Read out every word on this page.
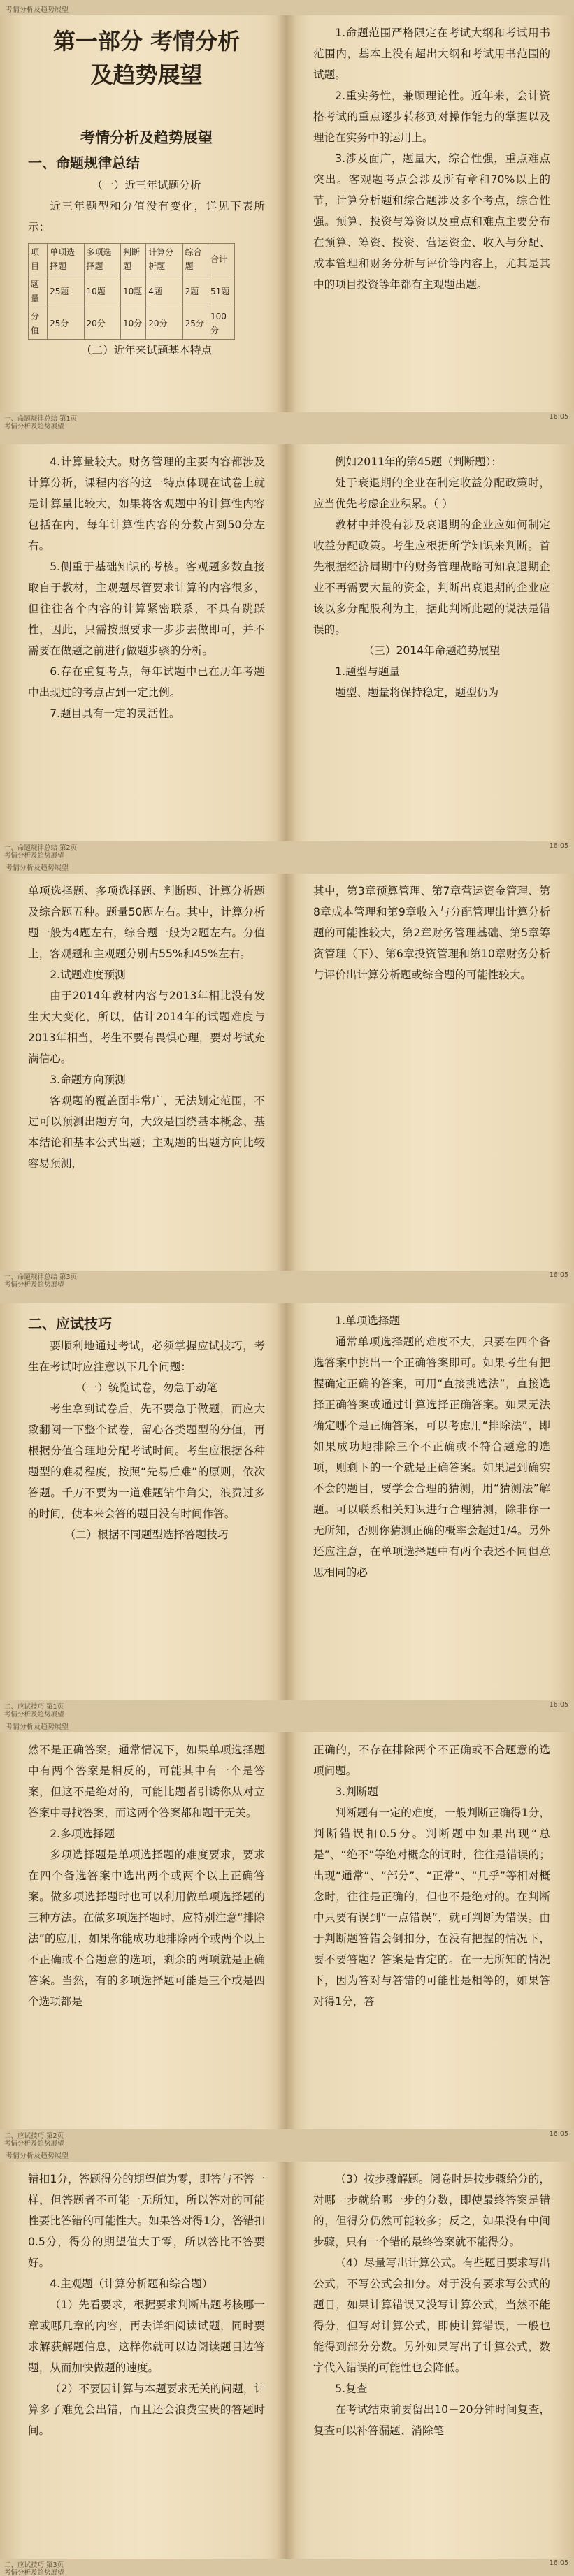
考情分析及趋势展望
第一部分 考情分析
及趋势展望
考情分析及趋势展望
一、命题规律总结
（一）近三年试题分析
近三年题型和分值没有变化，详见下表所示：
项目	单项选择题	多项选择题	判断题	计算分析题	综合题	合计
题量	25题	10题	10题	4题	2题	51题
分值	25分	20分	10分	20分	25分	100分
（二）近年来试题基本特点
1.命题范围严格限定在考试大纲和考试用书范围内，基本上没有超出大纲和考试用书范围的试题。
2.重实务性，兼顾理论性。近年来，会计资格考试的重点逐步转移到对操作能力的掌握以及理论在实务中的运用上。
3.涉及面广，题量大，综合性强，重点难点突出。客观题考点会涉及所有章和70%以上的节，计算分析题和综合题涉及多个考点，综合性强。预算、投资与筹资以及重点和难点主要分布在预算、筹资、投资、营运资金、收入与分配、成本管理和财务分析与评价等内容上，尤其是其中的项目投资等年都有主观题出题。
一、命题规律总结 第1页
考情分析及趋势展望
16:05
4.计算量较大。财务管理的主要内容都涉及计算分析，课程内容的这一特点体现在试卷上就是计算量比较大，如果将客观题中的计算性内容包括在内，每年计算性内容的分数占到50分左右。
5.侧重于基础知识的考核。客观题多数直接取自于教材，主观题尽管要求计算的内容很多，但往往各个内容的计算紧密联系，不具有跳跃性，因此，只需按照要求一步步去做即可，并不需要在做题之前进行做题步骤的分析。
6.存在重复考点，每年试题中已在历年考题中出现过的考点占到一定比例。
7.题目具有一定的灵活性。
例如2011年的第45题（判断题）：
处于衰退期的企业在制定收益分配政策时，应当优先考虑企业积累。（ ）
教材中并没有涉及衰退期的企业应如何制定收益分配政策。考生应根据所学知识来判断。首先根据经济周期中的财务管理战略可知衰退期企业不再需要大量的资金，判断出衰退期的企业应该以多分配股利为主，据此判断此题的说法是错误的。
（三）2014年命题趋势展望
1.题型与题量
题型、题量将保持稳定，题型仍为
一、命题规律总结 第2页
考情分析及趋势展望
16:05
考情分析及趋势展望
单项选择题、多项选择题、判断题、计算分析题及综合题五种。题量50题左右。其中，计算分析题一般为4题左右，综合题一般为2题左右。分值上，客观题和主观题分别占55%和45%左右。
2.试题难度预测
由于2014年教材内容与2013年相比没有发生太大变化，所以，估计2014年的试题难度与2013年相当，考生不要有畏惧心理，要对考试充满信心。
3.命题方向预测
客观题的覆盖面非常广，无法划定范围，不过可以预测出题方向，大致是围绕基本概念、基本结论和基本公式出题；主观题的出题方向比较容易预测，
其中，第3章预算管理、第7章营运资金管理、第8章成本管理和第9章收入与分配管理出计算分析题的可能性较大，第2章财务管理基础、第5章筹资管理（下）、第6章投资管理和第10章财务分析与评价出计算分析题或综合题的可能性较大。
一、命题规律总结 第3页
考情分析及趋势展望
16:05
二、应试技巧
要顺利地通过考试，必须掌握应试技巧，考生在考试时应注意以下几个问题：
（一）统览试卷，勿急于动笔
考生拿到试卷后，先不要急于做题，而应大致翻阅一下整个试卷，留心各类题型的分值，再根据分值合理地分配考试时间。考生应根据各种题型的难易程度，按照“先易后难”的原则，依次答题。千万不要为一道难题钻牛角尖，浪费过多的时间，使本来会答的题目没有时间作答。
（二）根据不同题型选择答题技巧
1.单项选择题
通常单项选择题的难度不大，只要在四个备选答案中挑出一个正确答案即可。如果考生有把握确定正确的答案，可用“直接挑选法”，直接选择正确答案或通过计算选择正确答案。如果无法确定哪个是正确答案，可以考虑用“排除法”，即如果成功地排除三个不正确或不符合题意的选项，则剩下的一个就是正确答案。如果遇到确实不会的题目，要学会合理的猜测，用“猜测法”解题。可以联系相关知识进行合理猜测，除非你一无所知，否则你猜测正确的概率会超过1/4。另外还应注意，在单项选择题中有两个表述不同但意思相同的必
二、应试技巧 第1页
考情分析及趋势展望
16:05
考情分析及趋势展望
然不是正确答案。通常情况下，如果单项选择题中有两个答案是相反的，可能其中有一个是答案，但这不是绝对的，可能比题者引诱你从对立答案中寻找答案，而这两个答案都和题干无关。
2.多项选择题
多项选择题是单项选择题的难度要求，要求在四个备选答案中选出两个或两个以上正确答案。做多项选择题时也可以利用做单项选择题的三种方法。在做多项选择题时，应特别注意“排除法”的应用，如果你能成功地排除两个或两个以上不正确或不合题意的选项，剩余的两项就是正确答案。当然，有的多项选择题可能是三个或是四个选项都是
正确的，不存在排除两个不正确或不合题意的选项问题。
3.判断题
判断题有一定的难度，一般判断正确得1分，判断错误扣0.5分。判断题中如果出现“总是”、“绝不”等绝对概念的词时，往往是错误的；出现“通常”、“部分”、“正常”、“几乎”等相对概念时，往往是正确的，但也不是绝对的。在判断中只要有误到“一点错误”，就可判断为错误。由于判断题答错会倒扣分，在没有把握的情况下，要不要答题？答案是肯定的。在一无所知的情况下，因为答对与答错的可能性是相等的，如果答对得1分，答
二、应试技巧 第2页
考情分析及趋势展望
16:05
考情分析及趋势展望
错扣1分，答题得分的期望值为零，即答与不答一样，但答题者不可能一无所知，所以答对的可能性要比答错的可能性大。如果答对得1分，答错扣0.5分，得分的期望值大于零，所以答比不答要好。
4.主观题（计算分析题和综合题）
（1）先看要求，根据要求判断出题考核哪一章或哪几章的内容，再去详细阅读试题，同时要求解获解题信息，这样你就可以边阅读题目边答题，从而加快做题的速度。
（2）不要因计算与本题要求无关的问题，计算多了难免会出错，而且还会浪费宝贵的答题时间。
（3）按步骤解题。阅卷时是按步骤给分的，对哪一步就给哪一步的分数，即使最终答案是错的，但得分仍然可能较多；反之，如果没有中间步骤，只有一个错的最终答案就不能得分。
（4）尽量写出计算公式。有些题目要求写出公式，不写公式会扣分。对于没有要求写公式的题目，如果计算错误又没写计算公式，当然不能得分，但写对计算公式，即使计算错误，一般也能得到部分分数。另外如果写出了计算公式，数字代入错误的可能性也会降低。
5.复查
在考试结束前要留出10－20分钟时间复查，复查可以补答漏题、消除笔
二、应试技巧 第3页
考情分析及趋势展望
16:05
